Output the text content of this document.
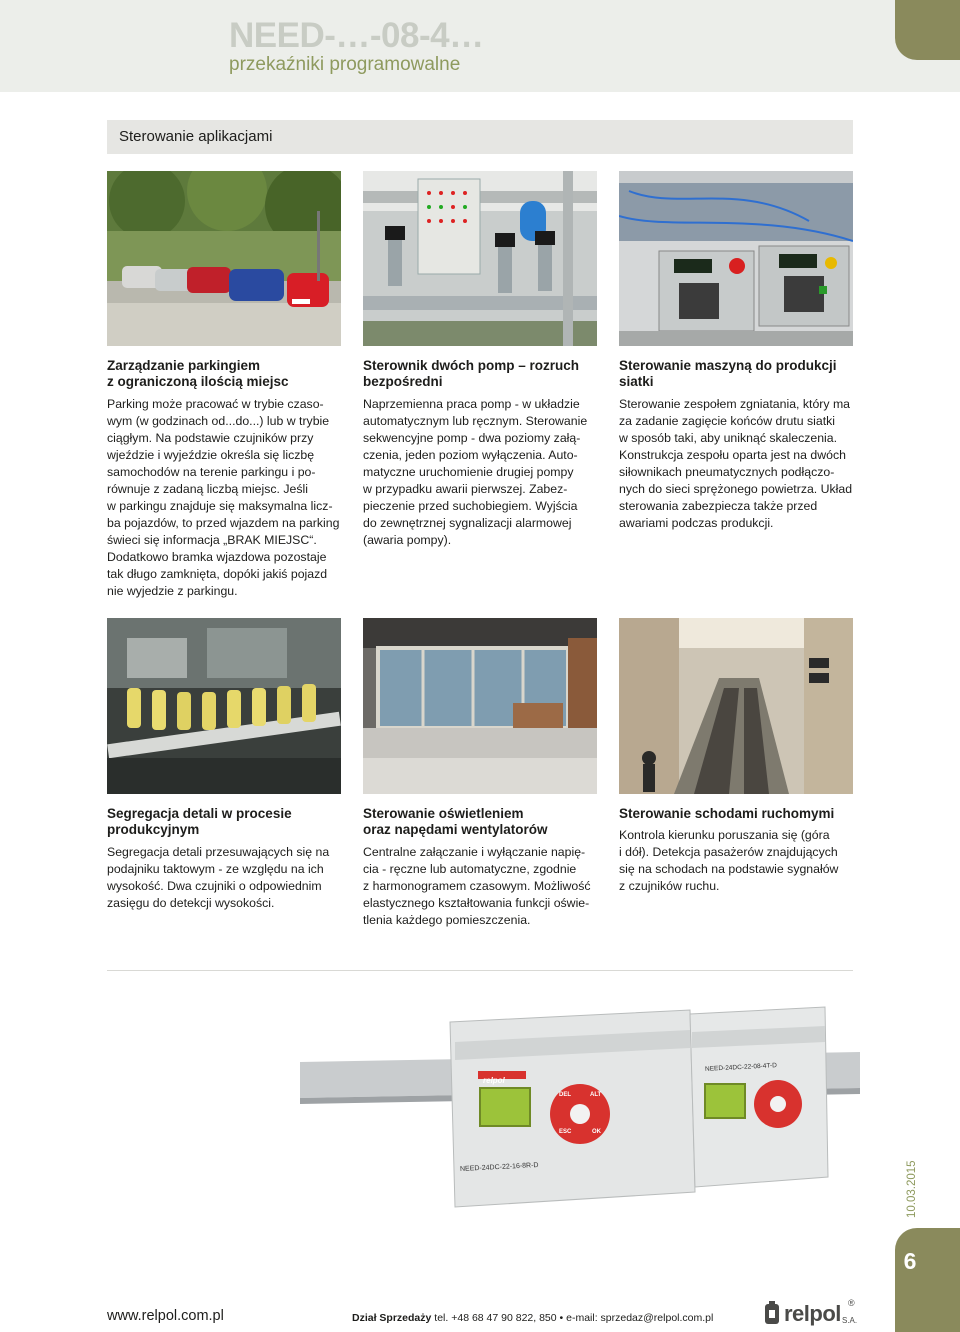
NEED-…-08-4…
przekaźniki programowalne
Sterowanie aplikacjami
Zarządzanie parkingiem
z ograniczoną ilością miejsc
Parking może pracować w trybie czaso-
wym (w godzinach od...do...) lub w trybie
ciągłym. Na podstawie czujników przy
wjeździe i wyjeździe określa się liczbę
samochodów na terenie parkingu i po-
równuje z zadaną liczbą miejsc. Jeśli
w parkingu znajduje się maksymalna licz-
ba pojazdów, to przed wjazdem na parking
świeci się informacja „BRAK MIEJSC“.
Dodatkowo bramka wjazdowa pozostaje
tak długo zamknięta, dopóki jakiś pojazd
nie wyjedzie z parkingu.
Sterownik dwóch pomp – rozruch
bezpośredni
Naprzemienna praca pomp - w układzie
automatycznym lub ręcznym. Sterowanie
sekwencyjne pomp - dwa poziomy załą-
czenia, jeden poziom wyłączenia. Auto-
matyczne uruchomienie drugiej pompy
w przypadku awarii pierwszej. Zabez-
pieczenie przed suchobiegiem. Wyjścia
do zewnętrznej sygnalizacji alarmowej
(awaria pompy).
Sterowanie maszyną do produkcji
siatki
Sterowanie zespołem zgniatania, który ma
za zadanie zagięcie końców drutu siatki
w sposób taki, aby uniknąć skaleczenia.
Konstrukcja zespołu oparta jest na dwóch
siłownikach pneumatycznych podłączo-
nych do sieci sprężonego powietrza. Układ
sterowania zabezpiecza także przed
awariami podczas produkcji.
Segregacja detali w procesie
produkcyjnym
Segregacja detali przesuwających się na
podajniku taktowym - ze względu na ich
wysokość. Dwa czujniki o odpowiednim
zasięgu do detekcji wysokości.
Sterowanie oświetleniem
oraz napędami wentylatorów
Centralne załączanie i wyłączanie napię-
cia - ręczne lub automatyczne, zgodnie
z harmonogramem czasowym. Możliwość
elastycznego kształtowania funkcji oświe-
tlenia każdego pomieszczenia.
Sterowanie schodami ruchomymi
Kontrola kierunku poruszania się (góra
i dół). Detekcja pasażerów znajdujących
się na schodach na podstawie sygnałów
z czujników ruchu.
relpol
NEED-24DC-22-16-8R-D
NEED-24DC-22-08-4T-D
DEL	ALT
ESC	OK
10.03.2015
6
www.relpol.com.pl	Dział Sprzedaży tel. +48 68 47 90 822, 850 • e-mail: sprzedaz@relpol.com.pl	relpol ®
S.A.
